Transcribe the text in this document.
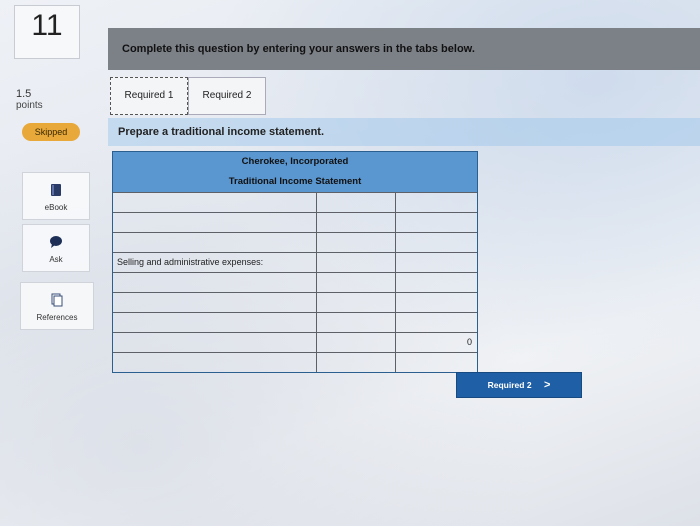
11
1.5
points
Skipped
eBook
Ask
References
Complete this question by entering your answers in the tabs below.
Required 1	Required 2
Prepare a traditional income statement.
Cherokee, Incorporated
Traditional Income Statement
Selling and administrative expenses:
0
Required 2 >
